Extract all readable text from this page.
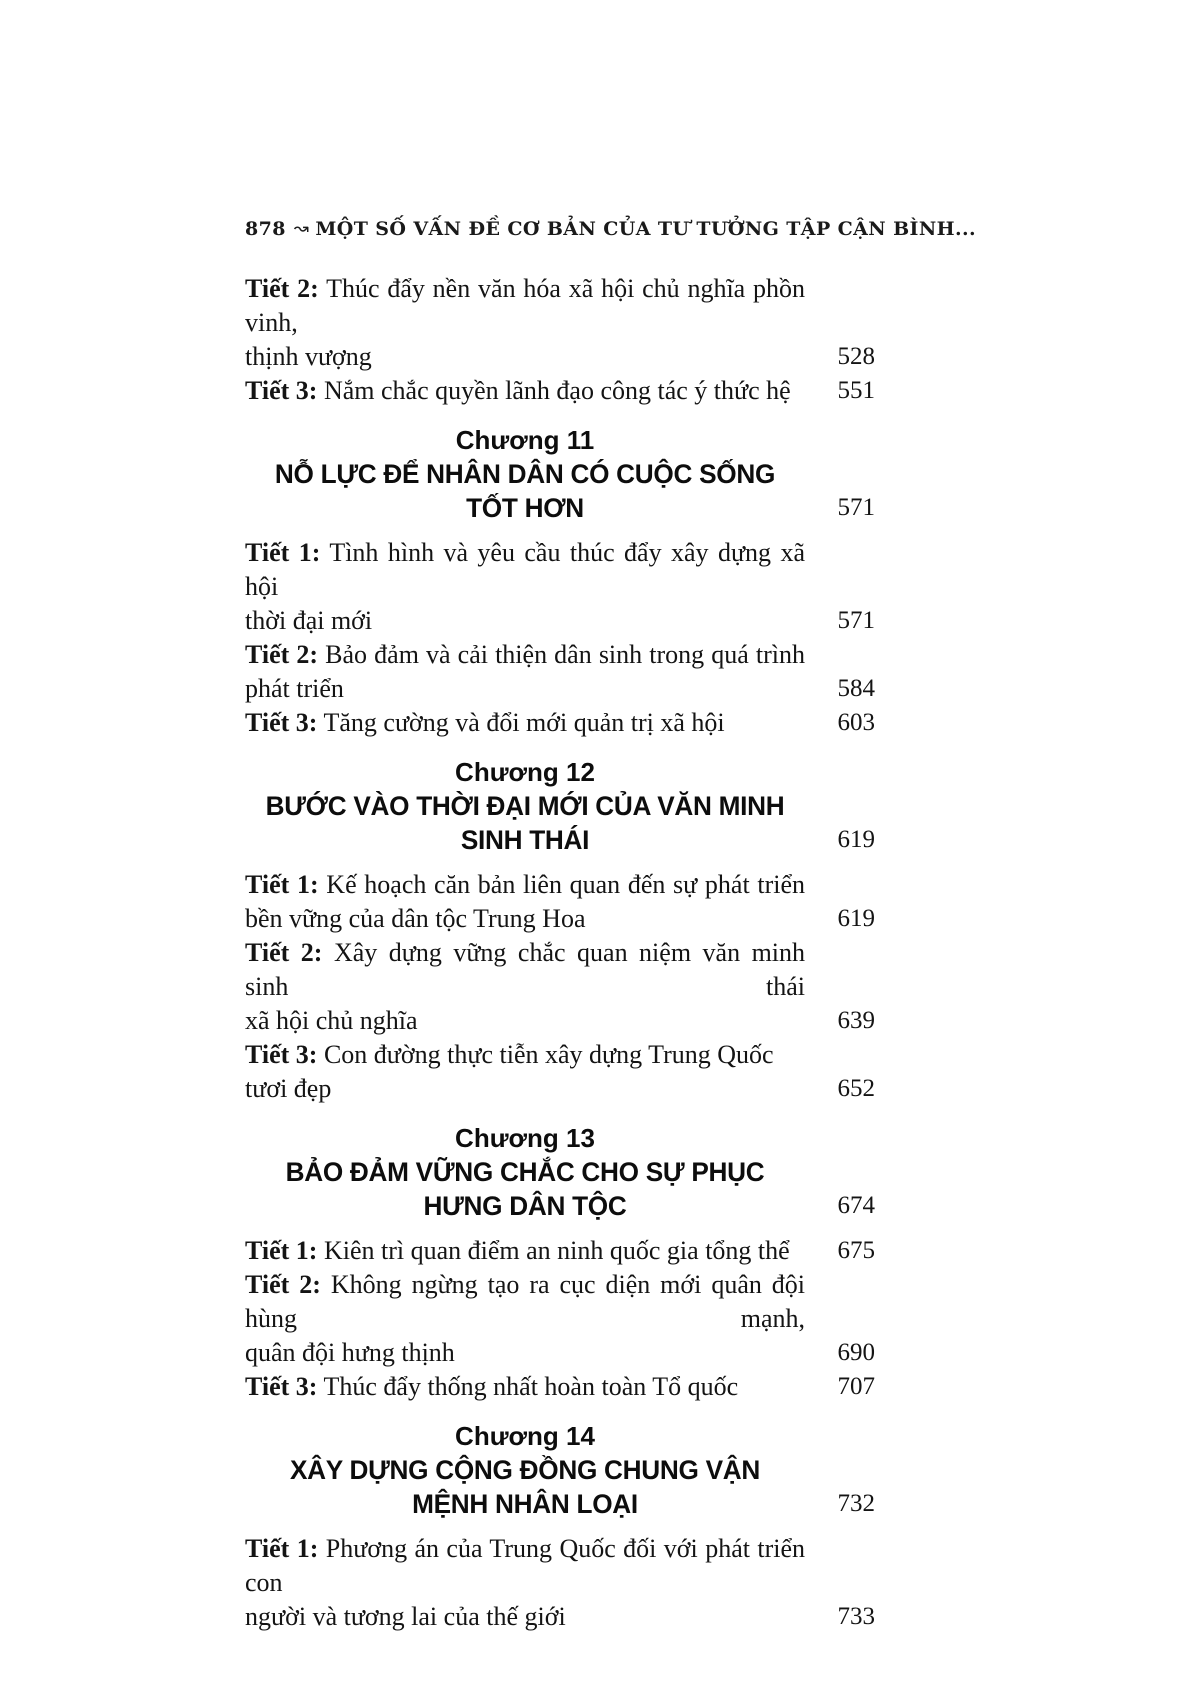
878 ↝ MỘT SỐ VẤN ĐỀ CƠ BẢN CỦA TƯ TƯỞNG TẬP CẬN BÌNH...
Tiết 2: Thúc đẩy nền văn hóa xã hội chủ nghĩa phồn vinh,
thịnh vượng	528
Tiết 3: Nắm chắc quyền lãnh đạo công tác ý thức hệ	551
Chương 11
NỖ LỰC ĐỂ NHÂN DÂN CÓ CUỘC SỐNG TỐT HƠN	571
Tiết 1: Tình hình và yêu cầu thúc đẩy xây dựng xã hội
thời đại mới	571
Tiết 2: Bảo đảm và cải thiện dân sinh trong quá trình
phát triển	584
Tiết 3: Tăng cường và đổi mới quản trị xã hội	603
Chương 12
BƯỚC VÀO THỜI ĐẠI MỚI CỦA VĂN MINH SINH THÁI	619
Tiết 1: Kế hoạch căn bản liên quan đến sự phát triển
bền vững của dân tộc Trung Hoa	619
Tiết 2: Xây dựng vững chắc quan niệm văn minh sinh thái
xã hội chủ nghĩa	639
Tiết 3: Con đường thực tiễn xây dựng Trung Quốc tươi đẹp	652
Chương 13
BẢO ĐẢM VỮNG CHẮC CHO SỰ PHỤC HƯNG DÂN TỘC	674
Tiết 1: Kiên trì quan điểm an ninh quốc gia tổng thể	675
Tiết 2: Không ngừng tạo ra cục diện mới quân đội hùng mạnh,
quân đội hưng thịnh	690
Tiết 3: Thúc đẩy thống nhất hoàn toàn Tổ quốc	707
Chương 14
XÂY DỰNG CỘNG ĐỒNG CHUNG VẬN MỆNH NHÂN LOẠI	732
Tiết 1: Phương án của Trung Quốc đối với phát triển con
người và tương lai của thế giới	733
